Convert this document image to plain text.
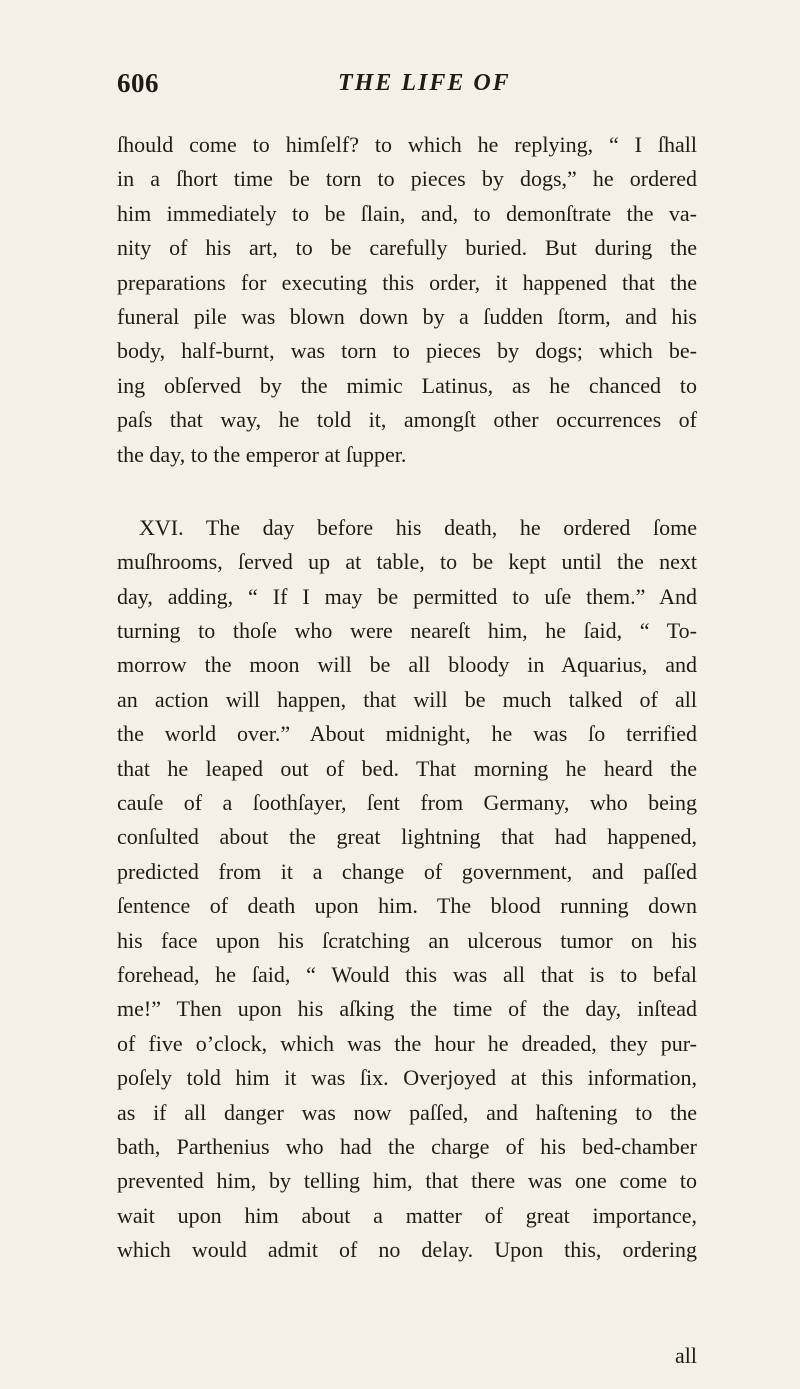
606	THE LIFE OF
ſhould come to himſelf? to which he replying, “ I ſhall
in a ſhort time be torn to pieces by dogs,” he ordered
him immediately to be ſlain, and, to demonſtrate the va-
nity of his art, to be carefully buried. But during the
preparations for executing this order, it happened that the
funeral pile was blown down by a ſudden ſtorm, and his
body, half-burnt, was torn to pieces by dogs; which be-
ing obſerved by the mimic Latinus, as he chanced to
paſs that way, he told it, amongſt other occurrences of
the day, to the emperor at ſupper.
XVI. The day before his death, he ordered ſome
muſhrooms, ſerved up at table, to be kept until the next
day, adding, “ If I may be permitted to uſe them.” And
turning to thoſe who were neareſt him, he ſaid, “ To-
morrow the moon will be all bloody in Aquarius, and
an action will happen, that will be much talked of all
the world over.” About midnight, he was ſo terrified
that he leaped out of bed. That morning he heard the
cauſe of a ſoothſayer, ſent from Germany, who being
conſulted about the great lightning that had happened,
predicted from it a change of government, and paſſed
ſentence of death upon him. The blood running down
his face upon his ſcratching an ulcerous tumor on his
forehead, he ſaid, “ Would this was all that is to befal
me!” Then upon his aſking the time of the day, inſtead
of five o’clock, which was the hour he dreaded, they pur-
poſely told him it was ſix. Overjoyed at this information,
as if all danger was now paſſed, and haſtening to the
bath, Parthenius who had the charge of his bed-chamber
prevented him, by telling him, that there was one come to
wait upon him about a matter of great importance,
which would admit of no delay. Upon this, ordering
all
